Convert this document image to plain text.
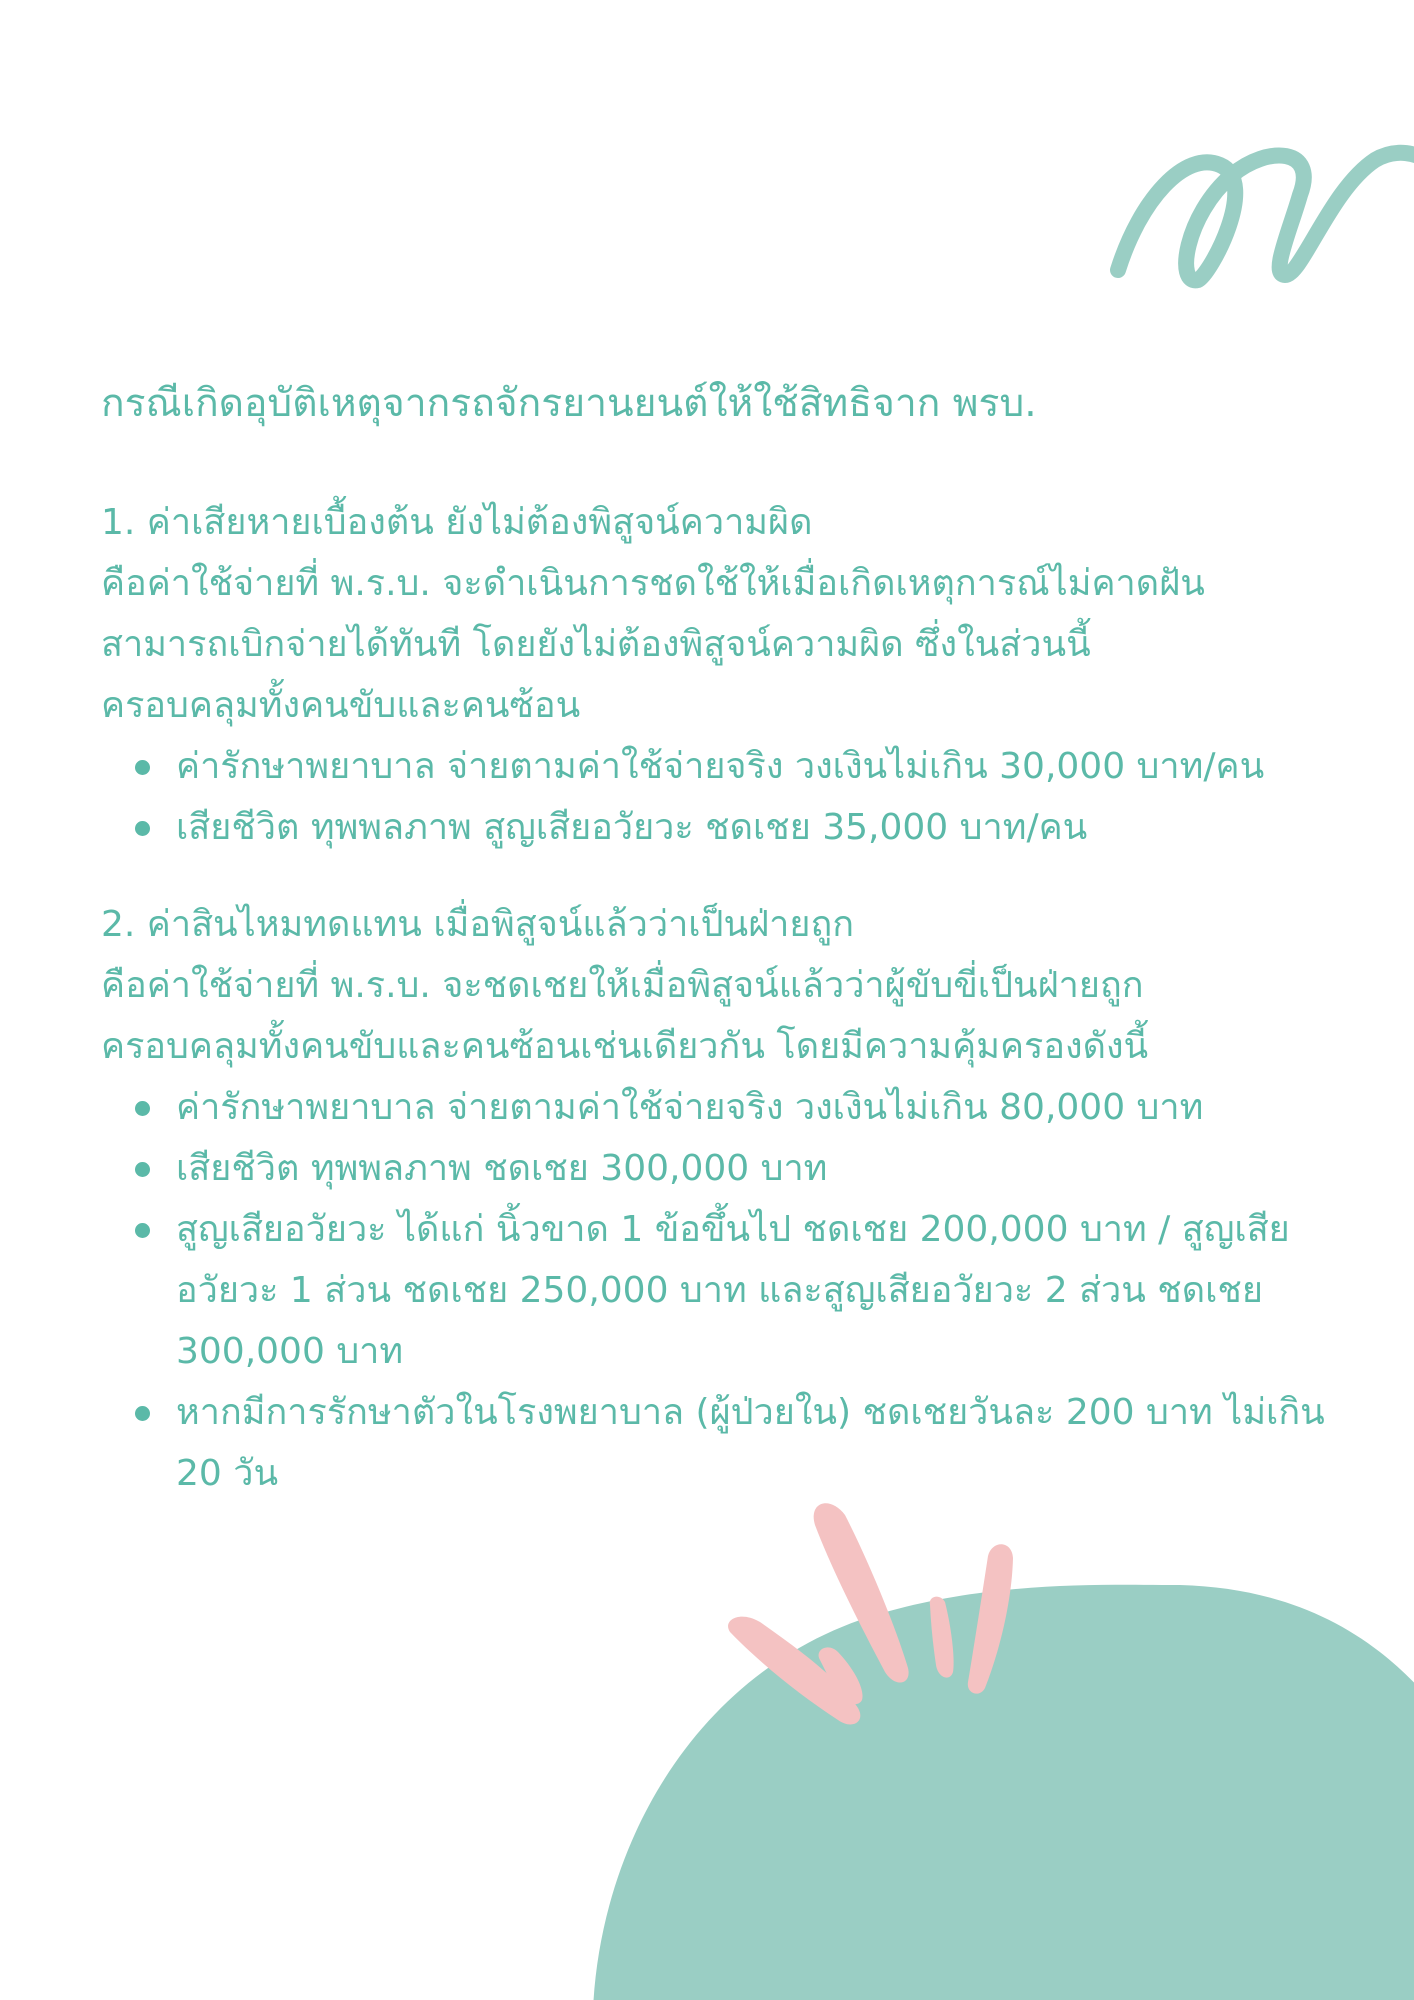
กรณีเกิดอุบัติเหตุจากรถจักรยานยนต์ให้ใช้สิทธิจาก พรบ.
1. ค่าเสียหายเบื้องต้น ยังไม่ต้องพิสูจน์ความผิด

คือค่าใช้จ่ายที่ พ.ร.บ. จะดำเนินการชดใช้ให้เมื่อเกิดเหตุการณ์ไม่คาดฝัน
สามารถเบิกจ่ายได้ทันที โดยยังไม่ต้องพิสูจน์ความผิด ซึ่งในส่วนนี้
ครอบคลุมทั้งคนขับและคนซ้อน

ค่ารักษาพยาบาล จ่ายตามค่าใช้จ่ายจริง วงเงินไม่เกิน 30,000 บาท/คน
เสียชีวิต ทุพพลภาพ สูญเสียอวัยวะ ชดเชย 35,000 บาท/คน
2. ค่าสินไหมทดแทน เมื่อพิสูจน์แล้วว่าเป็นฝ่ายถูก

คือค่าใช้จ่ายที่ พ.ร.บ. จะชดเชยให้เมื่อพิสูจน์แล้วว่าผู้ขับขี่เป็นฝ่ายถูก
ครอบคลุมทั้งคนขับและคนซ้อนเช่นเดียวกัน โดยมีความคุ้มครองดังนี้

ค่ารักษาพยาบาล จ่ายตามค่าใช้จ่ายจริง วงเงินไม่เกิน 80,000 บาท
เสียชีวิต ทุพพลภาพ ชดเชย 300,000 บาท
สูญเสียอวัยวะ ได้แก่ นิ้วขาด 1 ข้อขึ้นไป ชดเชย 200,000 บาท / สูญเสียอวัยวะ 1 ส่วน ชดเชย 250,000 บาท และสูญเสียอวัยวะ 2 ส่วน ชดเชย 300,000 บาท
หากมีการรักษาตัวในโรงพยาบาล (ผู้ป่วยใน) ชดเชยวันละ 200 บาท ไม่เกิน 20 วัน
